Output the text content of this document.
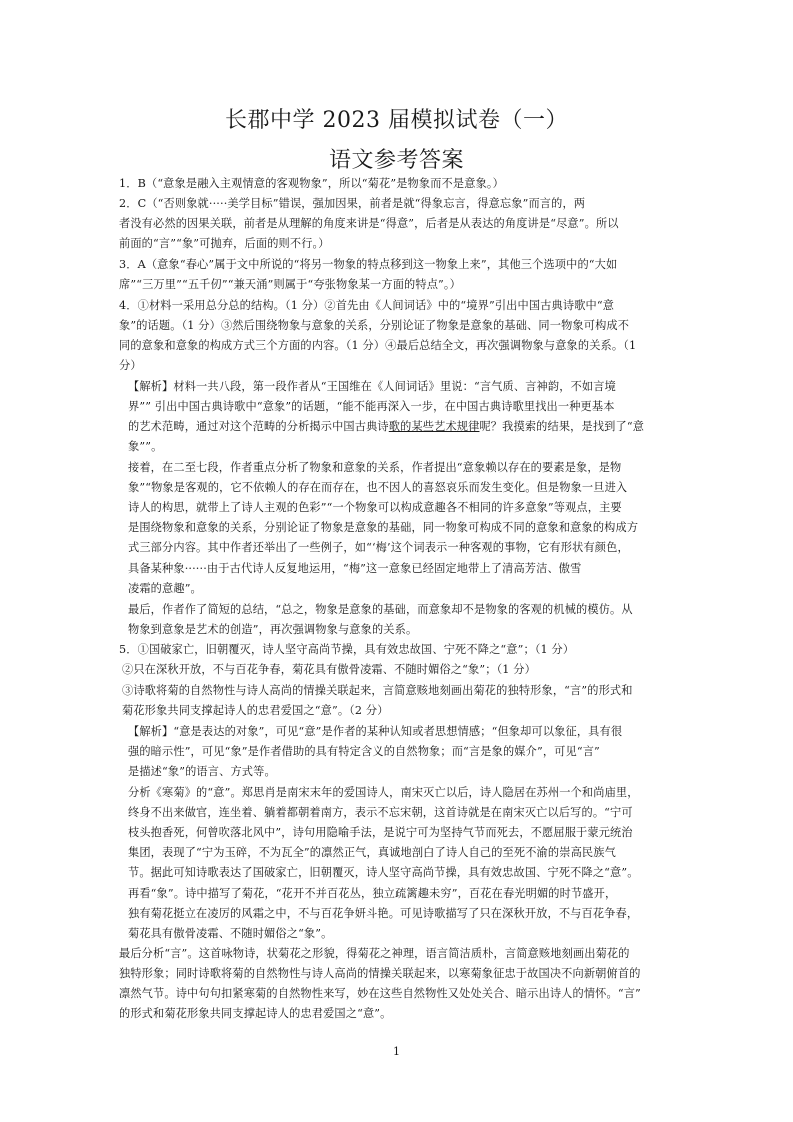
长郡中学 2023 届模拟试卷（一）
语文参考答案
1．B（“意象是融入主观情意的客观物象”，所以“菊花”是物象而不是意象。）
2．C（“否则象就·····美学目标”错误，强加因果，前者是就“得象忘言，得意忘象”而言的，两
者没有必然的因果关联，前者是从理解的角度来讲是“得意”，后者是从表达的角度讲是“尽意”。所以
前面的“言”“象”可抛弃，后面的则不行。）
3．A（意象“春心”属于文中所说的“将另一物象的特点移到这一物象上来”，其他三个选项中的“大如
席”“三万里”“五千仞”“兼天涌”则属于“夸张物象某一方面的特点”。）
4．①材料一采用总分总的结构。（1 分）②首先由《人间词话》中的“境界”引出中国古典诗歌中“意
象”的话题。（1 分）③然后围绕物象与意象的关系，分别论证了物象是意象的基础、同一物象可构成不
同的意象和意象的构成方式三个方面的内容。（1 分）④最后总结全文，再次强调物象与意象的关系。（1
分）
【解析】材料一共八段，第一段作者从“王国维在《人间词话》里说：“言气质、言神韵，不如言境
界”” 引出中国古典诗歌中“意象”的话题，“能不能再深入一步，在中国古典诗歌里找出一种更基本
的艺术范畴，通过对这个范畴的分析揭示中国古典诗歌的某些艺术规律呢？我摸索的结果，是找到了“意
象””。
接着，在二至七段，作者重点分析了物象和意象的关系，作者提出“意象赖以存在的要素是象，是物
象”“物象是客观的，它不依赖人的存在而存在，也不因人的喜怒哀乐而发生变化。但是物象一旦进入
诗人的构思，就带上了诗人主观的色彩”“一个物象可以构成意趣各不相同的许多意象”等观点，主要
是围绕物象和意象的关系，分别论证了物象是意象的基础，同一物象可构成不同的意象和意象的构成方
式三部分内容。其中作者还举出了一些例子，如“‘梅’这个词表示一种客观的事物，它有形状有颜色，
具备某种象······由于古代诗人反复地运用，“梅”这一意象已经固定地带上了清高芳洁、傲雪
凌霜的意趣”。
最后，作者作了简短的总结，“总之，物象是意象的基础，而意象却不是物象的客观的机械的模仿。从
物象到意象是艺术的创造”，再次强调物象与意象的关系。
5．①国破家亡，旧朝覆灭，诗人坚守高尚节操，具有效忠故国、宁死不降之“意”；（1 分）
②只在深秋开放，不与百花争春，菊花具有傲骨凌霜、不随时媚俗之“象”；（1 分）
③诗歌将菊的自然物性与诗人高尚的情操关联起来，言简意赅地刻画出菊花的独特形象，“言”的形式和
菊花形象共同支撑起诗人的忠君爱国之“意”。（2 分）
【解析】“意是表达的对象”，可见“意”是作者的某种认知或者思想情感；“但象却可以象征，具有很
强的暗示性”，可见“象”是作者借助的具有特定含义的自然物象；而“言是象的媒介”，可见“言”
是描述“象”的语言、方式等。
分析《寒菊》的“意”。郑思肖是南宋末年的爱国诗人，南宋灭亡以后，诗人隐居在苏州一个和尚庙里，
终身不出来做官，连坐着、躺着都朝着南方，表示不忘宋朝，这首诗就是在南宋灭亡以后写的。“宁可
枝头抱香死，何曾吹落北风中”，诗句用隐喻手法，是说宁可为坚持气节而死去，不愿屈服于蒙元统治
集团，表现了“宁为玉碎，不为瓦全”的凛然正气，真诚地剖白了诗人自己的至死不渝的崇高民族气
节。据此可知诗歌表达了国破家亡，旧朝覆灭，诗人坚守高尚节操，具有效忠故国、宁死不降之“意”。
再看“象”。诗中描写了菊花，“花开不并百花丛，独立疏篱趣未穷”，百花在春光明媚的时节盛开，
独有菊花挺立在凌厉的风霜之中，不与百花争妍斗艳。可见诗歌描写了只在深秋开放，不与百花争春，
菊花具有傲骨凌霜、不随时媚俗之“象”。
最后分析“言”。这首咏物诗，状菊花之形貌，得菊花之神理，语言简洁质朴，言简意赅地刻画出菊花的
独特形象；同时诗歌将菊的自然物性与诗人高尚的情操关联起来，以寒菊象征忠于故国决不向新朝俯首的
凛然气节。诗中句句扣紧寒菊的自然物性来写，妙在这些自然物性又处处关合、暗示出诗人的情怀。“言”
的形式和菊花形象共同支撑起诗人的忠君爱国之“意”。
1
